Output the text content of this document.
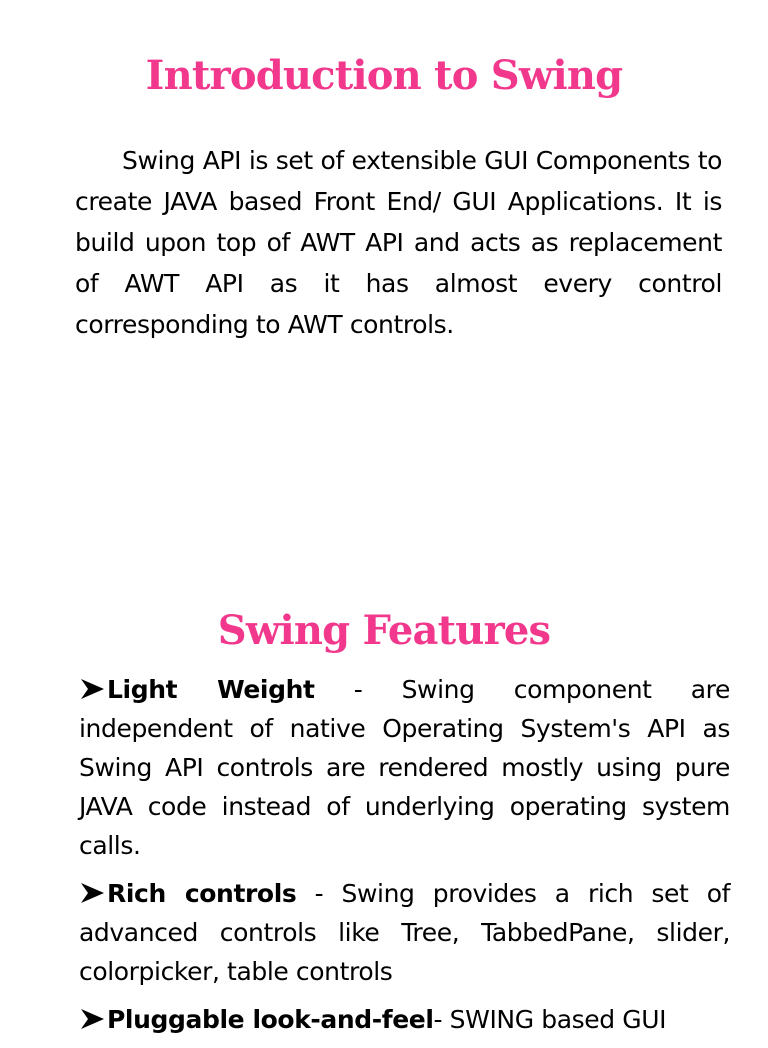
Introduction to Swing

Swing API is set of extensible GUI Components to create JAVA based Front End/ GUI Applications. It is build upon top of AWT API and acts as replacement of AWT API as it has almost every control corresponding to AWT controls.

Swing Features
Light Weight - Swing component are independent of native Operating System's API as Swing API controls are rendered mostly using pure JAVA code instead of underlying operating system calls.
Rich controls - Swing provides a rich set of advanced controls like Tree, TabbedPane, slider, colorpicker, table controls
Pluggable look-and-feel- SWING based GUI
